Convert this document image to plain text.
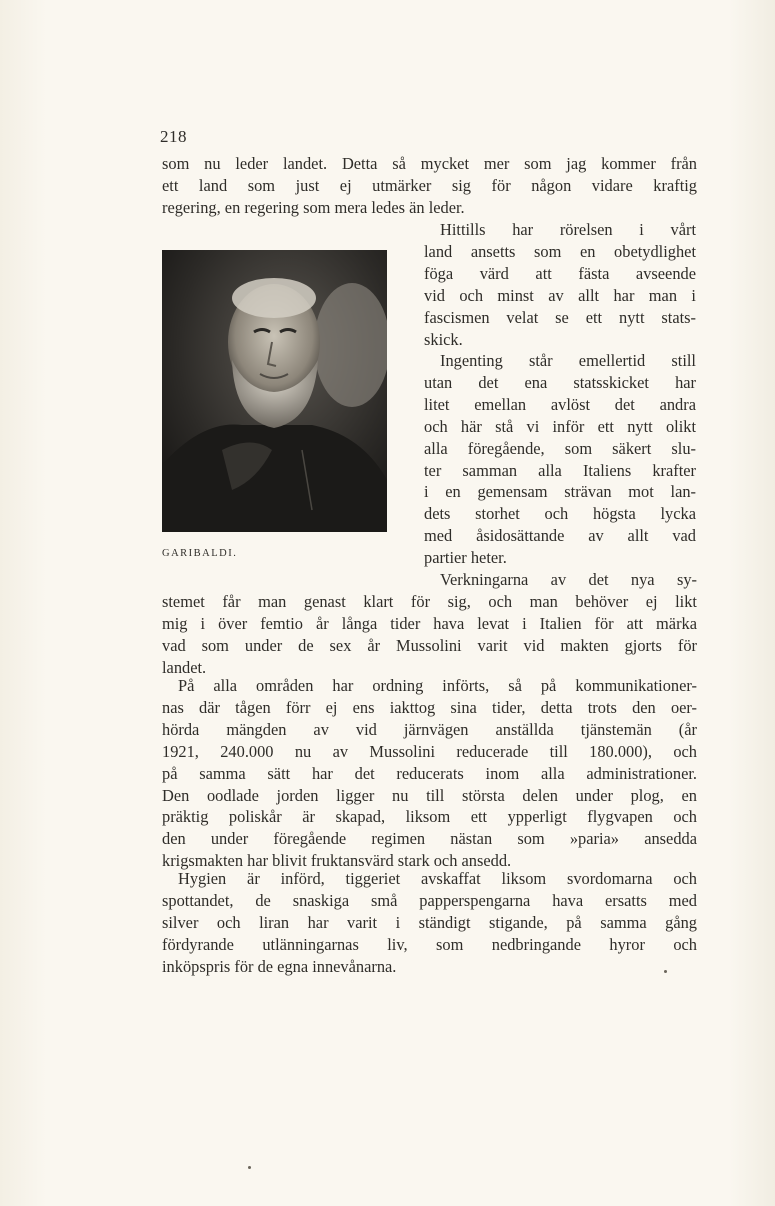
218
som nu leder landet. Detta så mycket mer som jag kommer från
ett land som just ej utmärker sig för någon vidare kraftig
regering, en regering som mera ledes än leder.
GARIBALDI.
Hittills har rörelsen i vårt
land ansetts som en obetydlighet
föga värd att fästa avseende
vid och minst av allt har man i
fascismen velat se ett nytt stats-
skick.
Ingenting står emellertid still
utan det ena statsskicket har
litet emellan avlöst det andra
och här stå vi inför ett nytt olikt
alla föregående, som säkert slu-
ter samman alla Italiens krafter
i en gemensam strävan mot lan-
dets storhet och högsta lycka
med åsidosättande av allt vad
partier heter.
Verkningarna av det nya sy-
stemet får man genast klart för sig, och man behöver ej likt
mig i över femtio år långa tider hava levat i Italien för att märka
vad som under de sex år Mussolini varit vid makten gjorts för
landet.
På alla områden har ordning införts, så på kommunikationer-
nas där tågen förr ej ens iakttog sina tider, detta trots den oer-
hörda mängden av vid järnvägen anställda tjänstemän (år
1921, 240.000 nu av Mussolini reducerade till 180.000), och
på samma sätt har det reducerats inom alla administrationer.
Den oodlade jorden ligger nu till största delen under plog, en
präktig poliskår är skapad, liksom ett ypperligt flygvapen och
den under föregående regimen nästan som »paria» ansedda
krigsmakten har blivit fruktansvärd stark och ansedd.
Hygien är införd, tiggeriet avskaffat liksom svordomarna och
spottandet, de snaskiga små papperspengarna hava ersatts med
silver och liran har varit i ständigt stigande, på samma gång
fördyrande utlänningarnas liv, som nedbringande hyror och
inköpspris för de egna innevånarna.
